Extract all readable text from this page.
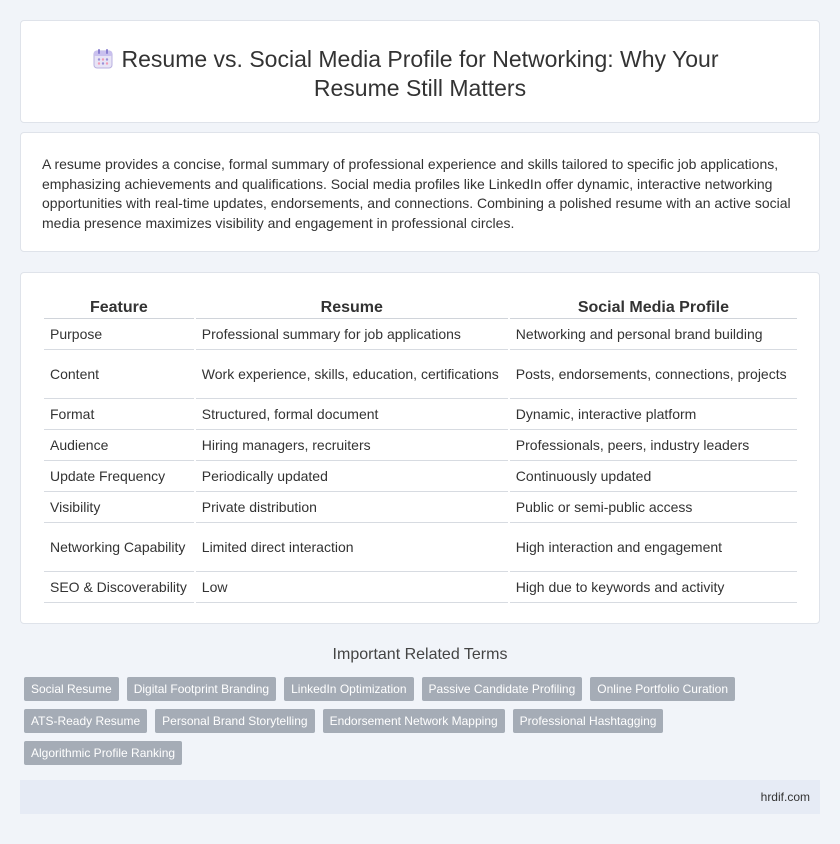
Resume vs. Social Media Profile for Networking: Why Your
Resume Still Matters

A resume provides a concise, formal summary of professional experience and skills tailored to specific job applications, emphasizing achievements and qualifications. Social media profiles like LinkedIn offer dynamic, interactive networking opportunities with real-time updates, endorsements, and connections. Combining a polished resume with an active social media presence maximizes visibility and engagement in professional circles.

Feature	Resume	Social Media Profile
Purpose	Professional summary for job applications	Networking and personal brand building
Content	Work experience, skills, education, certifications	Posts, endorsements, connections, projects
Format	Structured, formal document	Dynamic, interactive platform
Audience	Hiring managers, recruiters	Professionals, peers, industry leaders
Update Frequency	Periodically updated	Continuously updated
Visibility	Private distribution	Public or semi-public access
Networking Capability	Limited direct interaction	High interaction and engagement
SEO & Discoverability	Low	High due to keywords and activity
Important Related Terms
Social Resume	Digital Footprint Branding	LinkedIn Optimization	Passive Candidate Profiling	Online Portfolio Curation
ATS-Ready Resume	Personal Brand Storytelling	Endorsement Network Mapping	Professional Hashtagging
Algorithmic Profile Ranking
hrdif.com
